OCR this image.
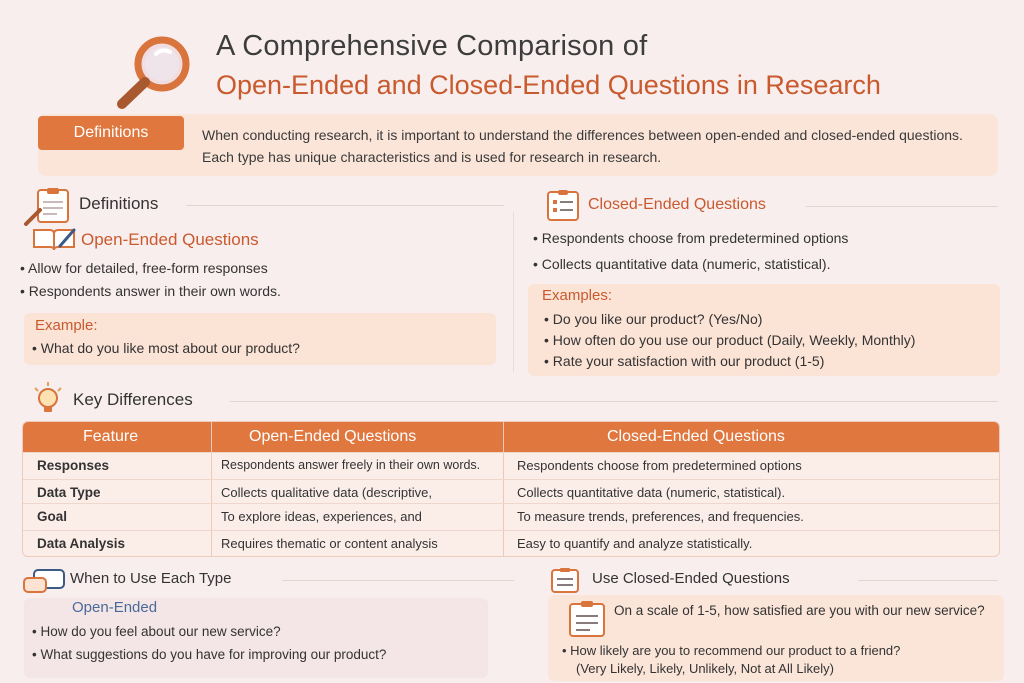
A Comprehensive Comparison of
Open-Ended and Closed-Ended Questions in Research
Definitions	When conducting research, it is important to understand the differences between open-ended and closed-ended questions. Each type has unique characteristics and is used for research in research.
Definitions
Open-Ended Questions
• Allow for detailed, free-form responses
• Respondents answer in their own words.
Example:
• What do you like most about our product?
Closed-Ended Questions
• Respondents choose from predetermined options
• Collects quantitative data (numeric, statistical).
Examples:
• Do you like our product? (Yes/No)
• How often do you use our product (Daily, Weekly, Monthly)
• Rate your satisfaction with our product (1-5)
Key Differences
Feature	Open-Ended Questions	Closed-Ended Questions
Responses	Respondents answer freely in their own words.	Respondents choose from predetermined options
Data Type	Collects qualitative data (descriptive,	Collects quantitative data (numeric, statistical).
Goal	To explore ideas, experiences, and	To measure trends, preferences, and frequencies.
Data Analysis	Requires thematic or content analysis	Easy to quantify and analyze statistically.
When to Use Each Type
Open-Ended
• How do you feel about our new service?
• What suggestions do you have for improving our product?
Use Closed-Ended Questions
On a scale of 1-5, how satisfied are you with our new service?
• How likely are you to recommend our product to a friend?
(Very Likely, Likely, Unlikely, Not at All Likely)
